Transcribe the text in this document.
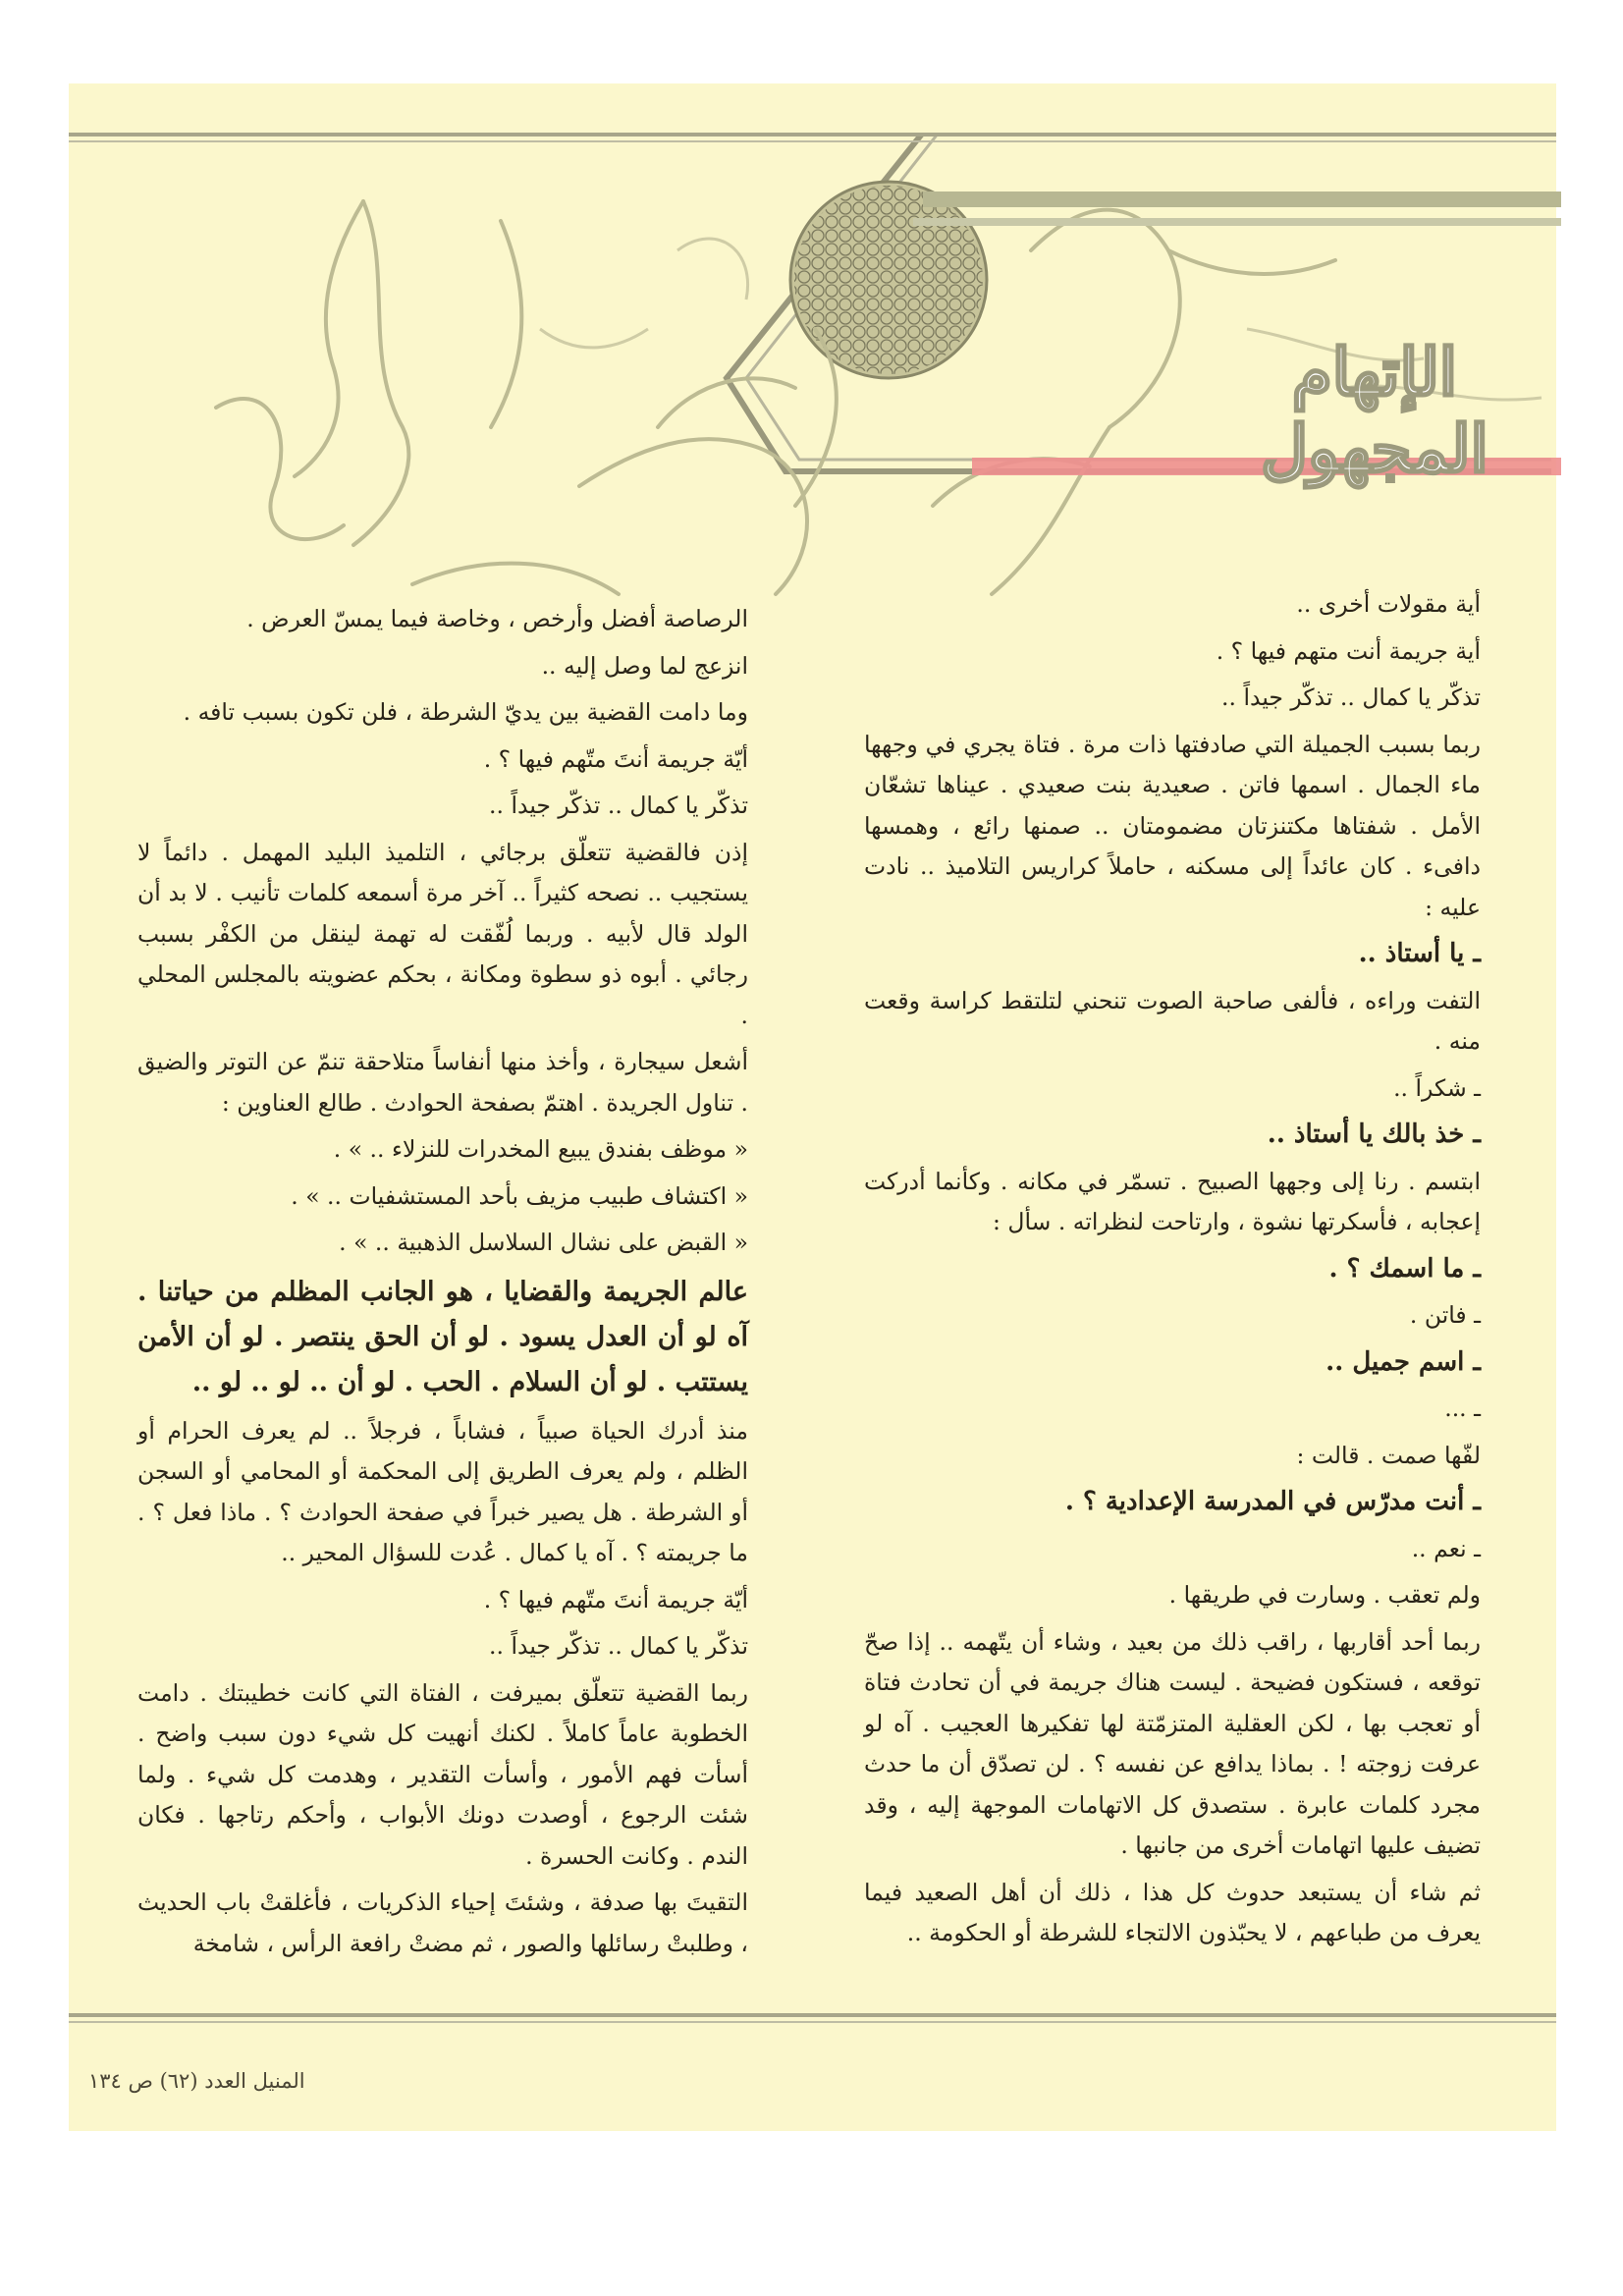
الإتهام المجهول

أية مقولات أخرى ..

أية جريمة أنت متهم فيها ؟ .

تذكّر يا كمال .. تذكّر جيداً ..

ربما بسبب الجميلة التي صادفتها ذات مرة . فتاة يجري في وجهها ماء الجمال . اسمها فاتن . صعيدية بنت صعيدي . عيناها تشعّان الأمل . شفتاها مكتنزتان مضمومتان .. صمنها رائع ، وهمسها دافىء . كان عائداً إلى مسكنه ، حاملاً كراريس التلاميذ .. نادت عليه :

ـ يا أستاذ ..

التفت وراءه ، فألفى صاحبة الصوت تنحني لتلتقط كراسة وقعت منه .

ـ شكراً ..

ـ خذ بالك يا أستاذ ..

ابتسم . رنا إلى وجهها الصبيح . تسمّر في مكانه . وكأنما أدركت إعجابه ، فأسكرتها نشوة ، وارتاحت لنظراته . سأل :

ـ ما اسمك ؟ .

ـ فاتن .

ـ اسم جميل ..

ـ ...

لفّها صمت . قالت :

ـ أنت مدرّس في المدرسة الإعدادية ؟ .

ـ نعم ..

ولم تعقب . وسارت في طريقها .

ربما أحد أقاربها ، راقب ذلك من بعيد ، وشاء أن يتّهمه .. إذا صحّ توقعه ، فستكون فضيحة . ليست هناك جريمة في أن تحادث فتاة أو تعجب بها ، لكن العقلية المتزمّتة لها تفكيرها العجيب . آه لو عرفت زوجته ! . بماذا يدافع عن نفسه ؟ . لن تصدّق أن ما حدث مجرد كلمات عابرة . ستصدق كل الاتهامات الموجهة إليه ، وقد تضيف عليها اتهامات أخرى من جانبها .

ثم شاء أن يستبعد حدوث كل هذا ، ذلك أن أهل الصعيد فيما يعرف من طباعهم ، لا يحبّذون الالتجاء للشرطة أو الحكومة ..

الرصاصة أفضل وأرخص ، وخاصة فيما يمسّ العرض .

انزعج لما وصل إليه ..

وما دامت القضية بين يديّ الشرطة ، فلن تكون بسبب تافه .

أيّة جريمة أنتَ متّهم فيها ؟ .

تذكّر يا كمال .. تذكّر جيداً ..

إذن فالقضية تتعلّق برجائي ، التلميذ البليد المهمل . دائماً لا يستجيب .. نصحه كثيراً .. آخر مرة أسمعه كلمات تأنيب . لا بد أن الولد قال لأبيه . وربما لُفّقت له تهمة لينقل من الكفْر بسبب رجائي . أبوه ذو سطوة ومكانة ، بحكم عضويته بالمجلس المحلي .

أشعل سيجارة ، وأخذ منها أنفاساً متلاحقة تنمّ عن التوتر والضيق . تناول الجريدة . اهتمّ بصفحة الحوادث . طالع العناوين :

« موظف بفندق يبيع المخدرات للنزلاء .. » .

« اكتشاف طبيب مزيف بأحد المستشفيات .. » .

« القبض على نشال السلاسل الذهبية .. » .

عالم الجريمة والقضايا ، هو الجانب المظلم من حياتنا . آه لو أن العدل يسود . لو أن الحق ينتصر . لو أن الأمن يستتب . لو أن السلام . الحب . لو أن .. لو .. لو ..

منذ أدرك الحياة صبياً ، فشاباً ، فرجلاً .. لم يعرف الحرام أو الظلم ، ولم يعرف الطريق إلى المحكمة أو المحامي أو السجن أو الشرطة . هل يصير خبراً في صفحة الحوادث ؟ . ماذا فعل ؟ . ما جريمته ؟ . آه يا كمال . عُدت للسؤال المحير ..

أيّة جريمة أنتَ متّهم فيها ؟ .

تذكّر يا كمال .. تذكّر جيداً ..

ربما القضية تتعلّق بميرفت ، الفتاة التي كانت خطيبتك . دامت الخطوبة عاماً كاملاً . لكنك أنهيت كل شيء دون سبب واضح . أسأت فهم الأمور ، وأسأت التقدير ، وهدمت كل شيء . ولما شئت الرجوع ، أوصدت دونك الأبواب ، وأحكم رتاجها . فكان الندم . وكانت الحسرة .

التقيتَ بها صدفة ، وشئتَ إحياء الذكريات ، فأغلقتْ باب الحديث ، وطلبتْ رسائلها والصور ، ثم مضتْ رافعة الرأس ، شامخة

المنيل العدد (٦٢) ص ١٣٤
